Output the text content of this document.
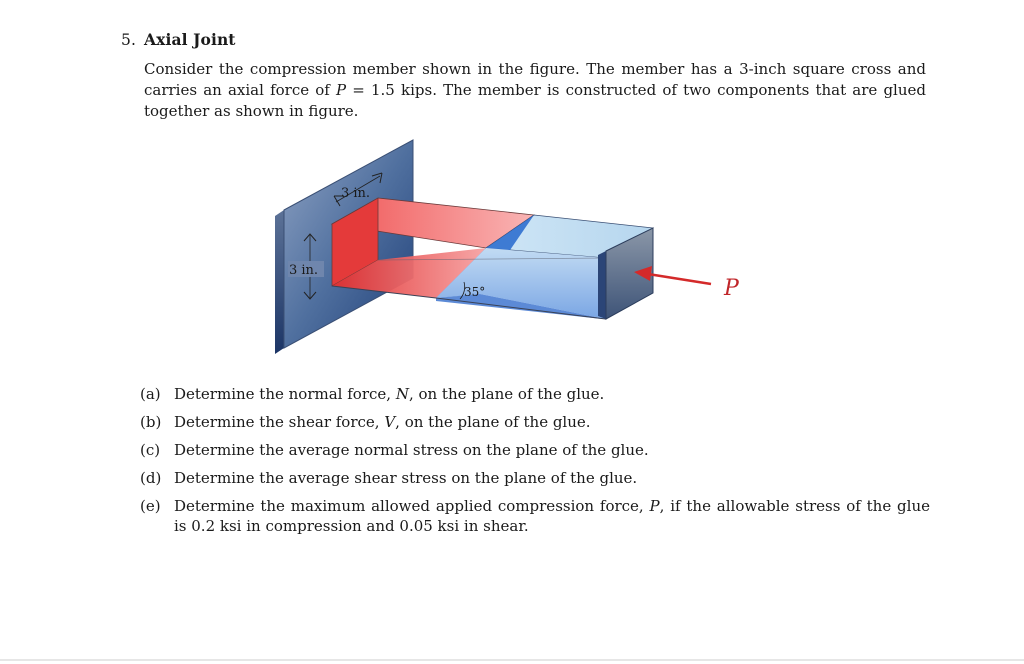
5. Axial Joint
Consider the compression member shown in the figure. The member has a 3-inch square cross and carries an axial force of P = 1.5 kips. The member is constructed of two components that are glued together as shown in figure.
3 in.
3 in.
35°	P
(a) Determine the normal force, N, on the plane of the glue.
(b) Determine the shear force, V, on the plane of the glue.
(c) Determine the average normal stress on the plane of the glue.
(d) Determine the average shear stress on the plane of the glue.
(e) Determine the maximum allowed applied compression force, P, if the allowable stress of the glue is 0.2 ksi in compression and 0.05 ksi in shear.
